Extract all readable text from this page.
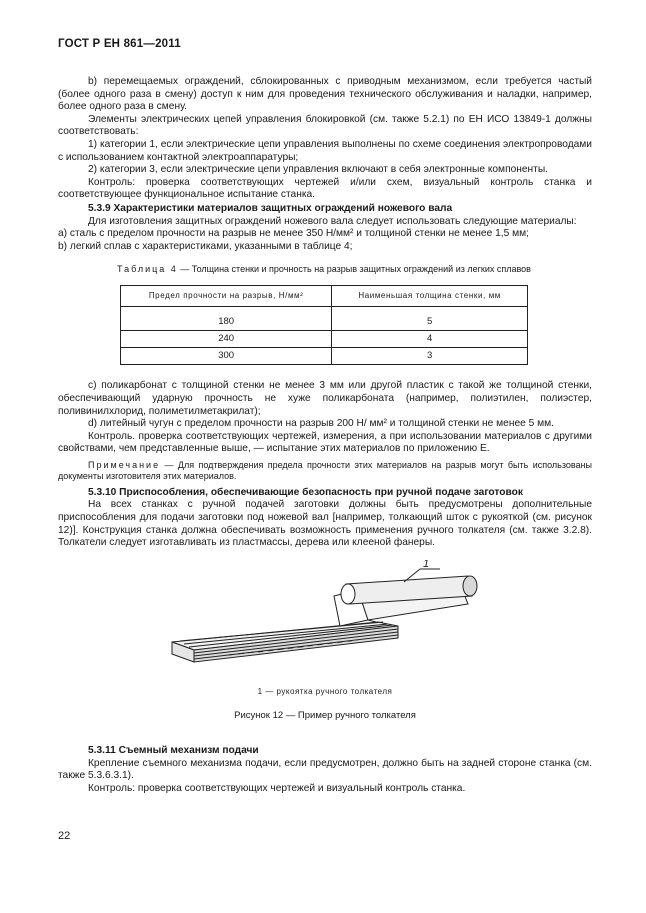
ГОСТ Р ЕН 861—2011

b) перемещаемых ограждений, сблокированных с приводным механизмом, если требуется частый (более одного раза в смену) доступ к ним для проведения технического обслуживания и наладки, например, более одного раза в смену.

Элементы электрических цепей управления блокировкой (см. также 5.2.1) по ЕН ИСО 13849-1 должны соответствовать:

1) категории 1, если электрические цепи управления выполнены по схеме соединения электропроводами с использованием контактной электроаппаратуры;

2) категории 3, если электрические цепи управления включают в себя электронные компоненты.

Контроль: проверка соответствующих чертежей и/или схем, визуальный контроль станка и соответствующее функциональное испытание станка.

5.3.9 Характеристики материалов защитных ограждений ножевого вала

Для изготовления защитных ограждений ножевого вала следует использовать следующие материалы:

а) сталь с пределом прочности на разрыв не менее 350 Н/мм² и толщиной стенки не менее 1,5 мм;

b) легкий сплав с характеристиками, указанными в таблице 4;

Таблица 4 — Толщина стенки и прочность на разрыв защитных ограждений из легких сплавов
Предел прочности на разрыв, Н/мм²	Наименьшая толщина стенки, мм
180	5
240	4
300	3

с) поликарбонат с толщиной стенки не менее 3 мм или другой пластик с такой же толщиной стенки, обеспечивающий ударную прочность не хуже поликарбоната (например, полиэтилен, полиэстер, поливинилхлорид, полиметилметакрилат);

d) литейный чугун с пределом прочности на разрыв 200 Н/ мм² и толщиной стенки не менее 5 мм.

Контроль. проверка соответствующих чертежей, измерения, а при использовании материалов с другими свойствами, чем представленные выше, — испытание этих материалов по приложению Е.

Примечание — Для подтверждения предела прочности этих материалов на разрыв могут быть использованы документы изготовителя этих материалов.

5.3.10 Приспособления, обеспечивающие безопасность при ручной подаче заготовок

На всех станках с ручной подачей заготовки должны быть предусмотрены дополнительные приспособления для подачи заготовки под ножевой вал [например, толкающий шток с рукояткой (см. рисунок 12)]. Конструкция станка должна обеспечивать возможность применения ручного толкателя (см. также 3.2.8). Толкатели следует изготавливать из пластмассы, дерева или клееной фанеры.

1
1 — рукоятка ручного толкателя
Рисунок 12 — Пример ручного толкателя

5.3.11 Съемный механизм подачи

Крепление съемного механизма подачи, если предусмотрен, должно быть на задней стороне станка (см. также 5.3.6.3.1).

Контроль: проверка соответствующих чертежей и визуальный контроль станка.

22
